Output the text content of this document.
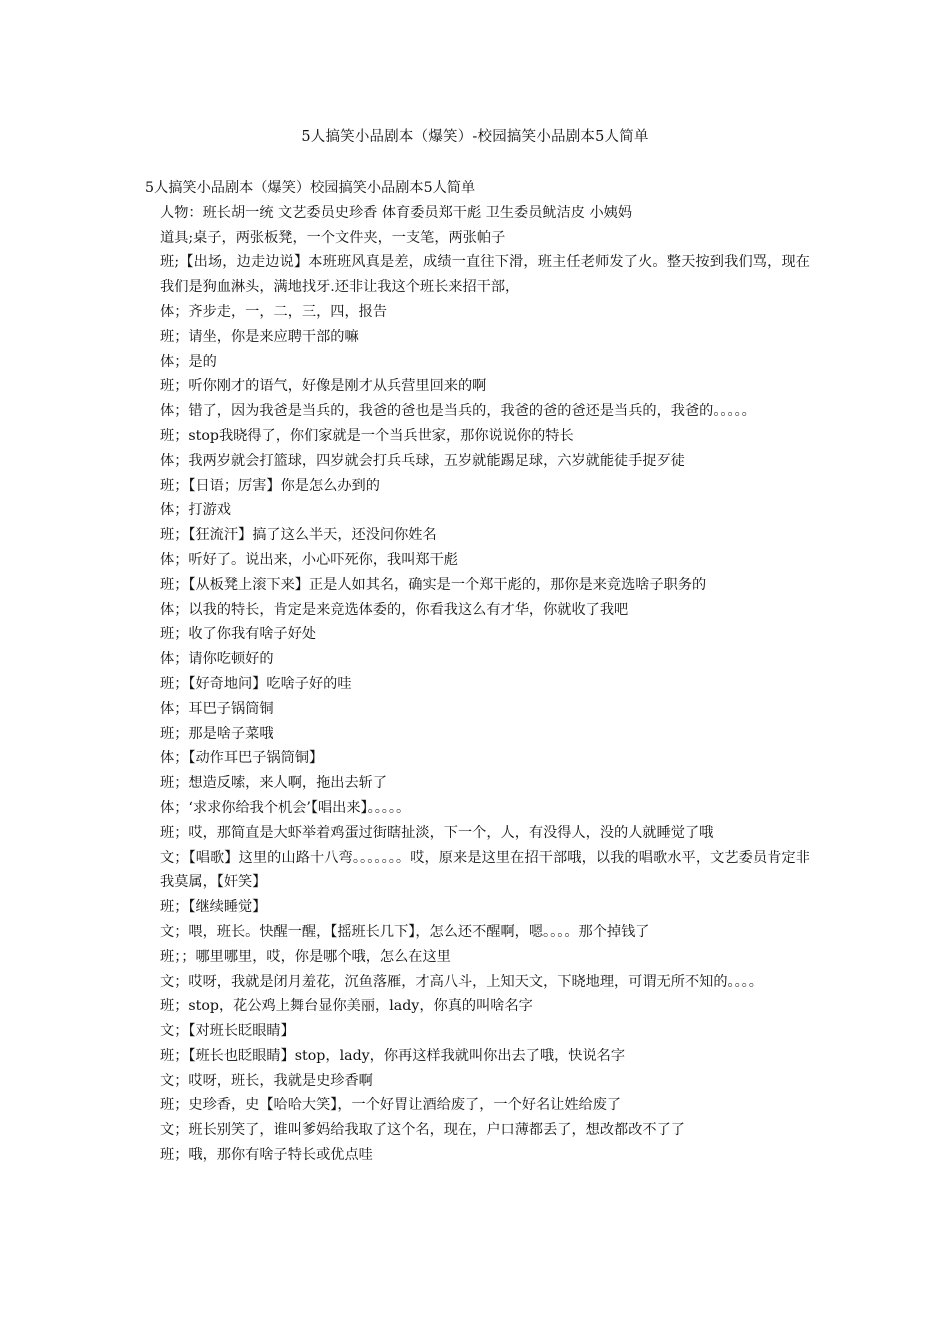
5人搞笑小品剧本（爆笑）-校园搞笑小品剧本5人简单

5人搞笑小品剧本（爆笑）校园搞笑小品剧本5人简单

人物：班长胡一统 文艺委员史珍香 体育委员郑干彪 卫生委员鱿洁皮 小姨妈

道具;桌子，两张板凳，一个文件夹，一支笔，两张帕子

班;【出场，边走边说】本班班风真是差，成绩一直往下滑，班主任老师发了火。整天按到我们骂，现在我们是狗血淋头，满地找牙.还非让我这个班长来招干部，

体；齐步走，一，二，三，四，报告

班；请坐，你是来应聘干部的嘛

体；是的

班；听你刚才的语气，好像是刚才从兵营里回来的啊

体；错了，因为我爸是当兵的，我爸的爸也是当兵的，我爸的爸的爸还是当兵的，我爸的。。。。。

班；stop我晓得了，你们家就是一个当兵世家，那你说说你的特长

体；我两岁就会打篮球，四岁就会打兵乓球，五岁就能踢足球，六岁就能徒手捉歹徒

班；【日语；厉害】你是怎么办到的

体；打游戏

班；【狂流汗】搞了这么半天，还没问你姓名

体；听好了。说出来，小心吓死你，我叫郑干彪

班；【从板凳上滚下来】正是人如其名，确实是一个郑干彪的，那你是来竞选啥子职务的

体；以我的特长，肯定是来竞选体委的，你看我这么有才华，你就收了我吧

班；收了你我有啥子好处

体；请你吃顿好的

班；【好奇地问】吃啥子好的哇

体；耳巴子锅筒铜

班；那是啥子菜哦

体；【动作耳巴子锅筒铜】

班；想造反嗦，来人啊，拖出去斩了

体；‘求求你给我个机会’【唱出来】。。。。。

班；哎，那简直是大虾举着鸡蛋过街瞎扯淡，下一个，人，有没得人，没的人就睡觉了哦

文；【唱歌】这里的山路十八弯。。。。。。。哎，原来是这里在招干部哦，以我的唱歌水平，文艺委员肯定非我莫属，【奸笑】

班；【继续睡觉】

文；喂，班长。快醒一醒，【摇班长几下】，怎么还不醒啊，嗯。。。。那个掉钱了

班；；哪里哪里，哎，你是哪个哦，怎么在这里

文；哎呀，我就是闭月羞花，沉鱼落雁，才高八斗，上知天文，下晓地理，可谓无所不知的。。。。

班；stop，花公鸡上舞台显你美丽，lady，你真的叫啥名字

文；【对班长眨眼睛】

班；【班长也眨眼睛】stop，lady，你再这样我就叫你出去了哦，快说名字

文；哎呀，班长，我就是史珍香啊

班；史珍香，史【哈哈大笑】，一个好胃让酒给废了，一个好名让姓给废了

文；班长别笑了，谁叫爹妈给我取了这个名，现在，户口薄都丢了，想改都改不了了

班；哦，那你有啥子特长或优点哇
